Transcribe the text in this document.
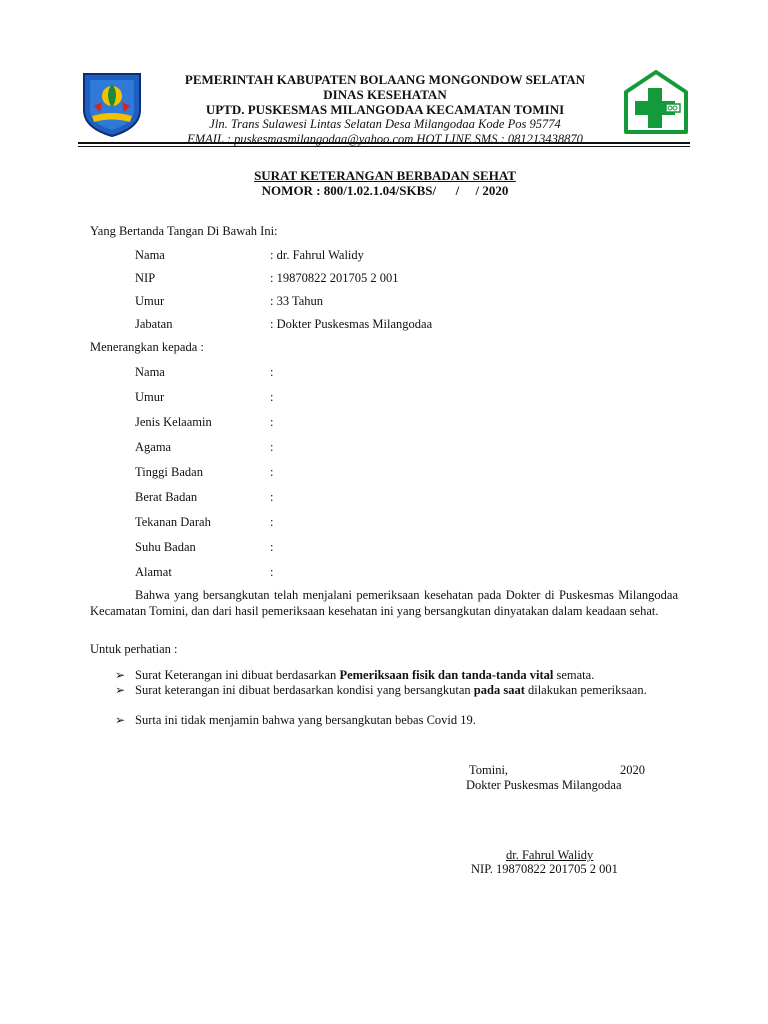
PEMERINTAH KABUPATEN BOLAANG MONGONDOW SELATAN
DINAS KESEHATAN
UPTD. PUSKESMAS MILANGODAA KECAMATAN TOMINI
Jln. Trans Sulawesi Lintas Selatan Desa Milangodaa Kode Pos 95774
EMAIL : puskesmasmilangodaa@yahoo.com HOT LINE SMS : 081213438870
SURAT KETERANGAN BERBADAN SEHAT
NOMOR : 800/1.02.1.04/SKBS/      /     / 2020
Yang Bertanda Tangan Di Bawah Ini:
Nama	: dr. Fahrul Walidy
NIP	: 19870822 201705 2 001
Umur	: 33 Tahun
Jabatan	: Dokter Puskesmas Milangodaa
Menerangkan kepada :
Nama	:
Umur	:
Jenis Kelaamin	:
Agama	:
Tinggi Badan	:
Berat Badan	:
Tekanan Darah	:
Suhu Badan	:
Alamat	:
Bahwa yang bersangkutan telah menjalani pemeriksaan kesehatan pada Dokter di Puskesmas Milangodaa Kecamatan Tomini, dan dari hasil pemeriksaan kesehatan ini yang bersangkutan dinyatakan dalam keadaan sehat.
Untuk perhatian :
➢ Surat Keterangan ini dibuat berdasarkan Pemeriksaan fisik dan tanda-tanda vital semata.
➢ Surat keterangan ini dibuat berdasarkan kondisi yang bersangkutan pada saat dilakukan pemeriksaan.
➢ Surta ini tidak menjamin bahwa yang bersangkutan bebas Covid 19.
Tomini,	2020
Dokter Puskesmas Milangodaa
dr. Fahrul Walidy
NIP. 19870822 201705 2 001
